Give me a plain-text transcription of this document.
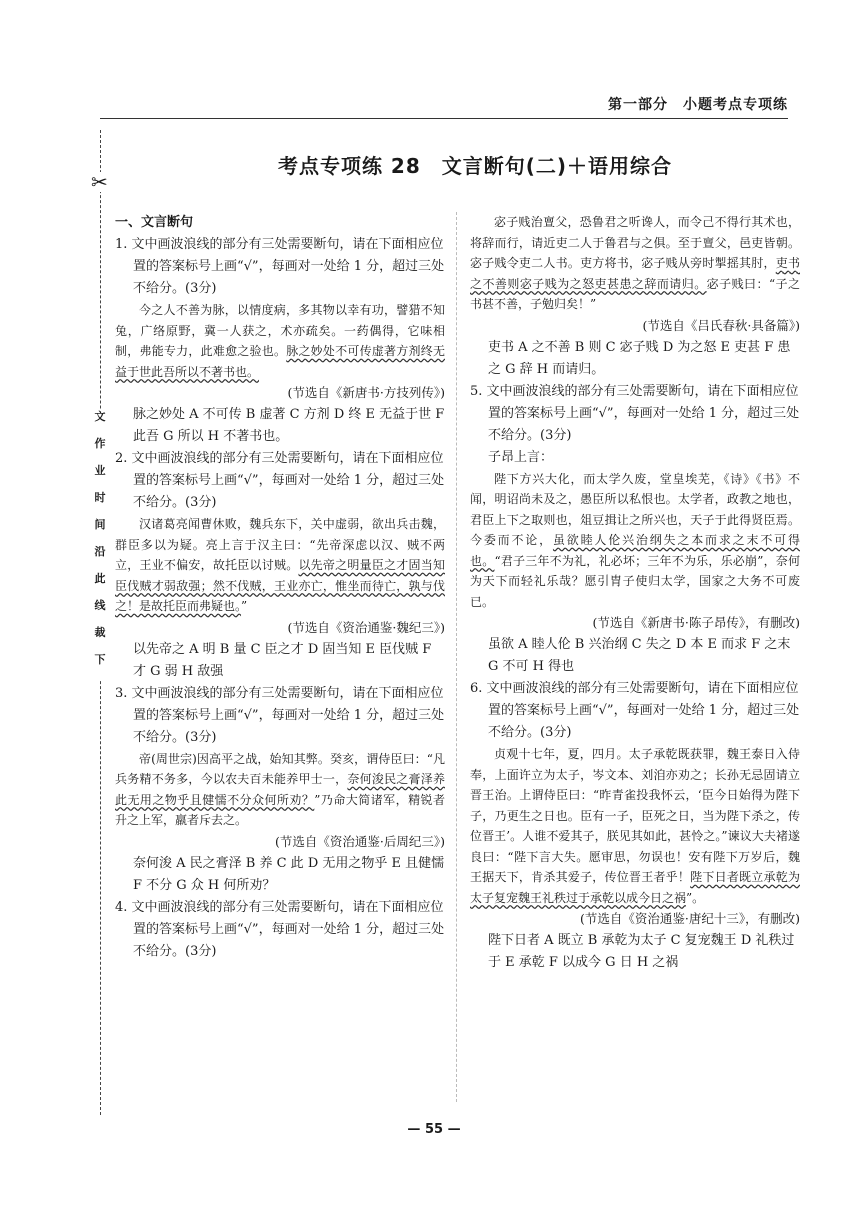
第一部分　小题考点专项练
✂
文
作
业
时
间
沿
此
线
裁
下
考点专项练 28　文言断句(二)＋语用综合
一、文言断句
1. 文中画波浪线的部分有三处需要断句，请在下面相应位置的答案标号上画“√”，每画对一处给 1 分，超过三处不给分。(3分)
今之人不善为脉，以情度病，多其物以幸有功，譬猎不知兔，广络原野，冀一人获之，术亦疏矣。一药偶得，它味相制，弗能专力，此难愈之验也。脉之妙处不可传虚著方剂终无益于世此吾所以不著书也。
(节选自《新唐书·方技列传》)
脉之妙处 A 不可传 B 虚著 C 方剂 D 终 E 无益于世 F 此吾 G 所以 H 不著书也。
2. 文中画波浪线的部分有三处需要断句，请在下面相应位置的答案标号上画“√”，每画对一处给 1 分，超过三处不给分。(3分)
汉诸葛亮闻曹休败，魏兵东下，关中虚弱，欲出兵击魏，群臣多以为疑。亮上言于汉主曰：“先帝深虑以汉、贼不两立，王业不偏安，故托臣以讨贼。以先帝之明量臣之才固当知臣伐贼才弱敌强；然不伐贼，王业亦亡，惟坐而待亡，孰与伐之！是故托臣而弗疑也。”
(节选自《资治通鉴·魏纪三》)
以先帝之 A 明 B 量 C 臣之才 D 固当知 E 臣伐贼 F 才 G 弱 H 敌强
3. 文中画波浪线的部分有三处需要断句，请在下面相应位置的答案标号上画“√”，每画对一处给 1 分，超过三处不给分。(3分)
帝(周世宗)因高平之战，始知其弊。癸亥，谓侍臣曰：“凡兵务精不务多，今以农夫百未能养甲士一，奈何浚民之膏泽养此无用之物乎且健懦不分众何所劝？”乃命大简诸军，精锐者升之上军，羸者斥去之。
(节选自《资治通鉴·后周纪三》)
奈何浚 A 民之膏泽 B 养 C 此 D 无用之物乎 E 且健懦 F 不分 G 众 H 何所劝？
4. 文中画波浪线的部分有三处需要断句，请在下面相应位置的答案标号上画“√”，每画对一处给 1 分，超过三处不给分。(3分)
宓子贱治亶父，恐鲁君之听谗人，而令己不得行其术也，将辞而行，请近吏二人于鲁君与之俱。至于亶父，邑吏皆朝。宓子贱令吏二人书。吏方将书，宓子贱从旁时掣摇其肘，吏书之不善则宓子贱为之怒吏甚患之辞而请归。宓子贱曰：“子之书甚不善，子勉归矣！”
(节选自《吕氏春秋·具备篇》)
吏书 A 之不善 B 则 C 宓子贱 D 为之怒 E 吏甚 F 患之 G 辞 H 而请归。
5. 文中画波浪线的部分有三处需要断句，请在下面相应位置的答案标号上画“√”，每画对一处给 1 分，超过三处不给分。(3分)
子昂上言：
陛下方兴大化，而太学久废，堂皇埃芜，《诗》《书》不闻，明诏尚未及之，愚臣所以私恨也。太学者，政教之地也，君臣上下之取则也，俎豆揖让之所兴也，天子于此得贤臣焉。今委而不论，虽欲睦人伦兴治纲失之本而求之末不可得也。“君子三年不为礼，礼必坏；三年不为乐，乐必崩”，奈何为天下而轻礼乐哉？愿引胄子使归太学，国家之大务不可废已。
(节选自《新唐书·陈子昂传》，有删改)
虽欲 A 睦人伦 B 兴治纲 C 失之 D 本 E 而求 F 之末 G 不可 H 得也
6. 文中画波浪线的部分有三处需要断句，请在下面相应位置的答案标号上画“√”，每画对一处给 1 分，超过三处不给分。(3分)
贞观十七年，夏，四月。太子承乾既获罪，魏王泰日入侍奉，上面许立为太子，岑文本、刘洎亦劝之；长孙无忌固请立晋王治。上谓侍臣曰：“昨青雀投我怀云，‘臣今日始得为陛下子，乃更生之日也。臣有一子，臣死之日，当为陛下杀之，传位晋王’。人谁不爱其子，朕见其如此，甚怜之。”谏议大夫褚遂良曰：“陛下言大失。愿审思，勿误也！安有陛下万岁后，魏王据天下，肯杀其爱子，传位晋王者乎！陛下日者既立承乾为太子复宠魏王礼秩过于承乾以成今日之祸”。
(节选自《资治通鉴·唐纪十三》，有删改)
陛下日者 A 既立 B 承乾为太子 C 复宠魏王 D 礼秩过于 E 承乾 F 以成今 G 日 H 之祸
— 55 —
